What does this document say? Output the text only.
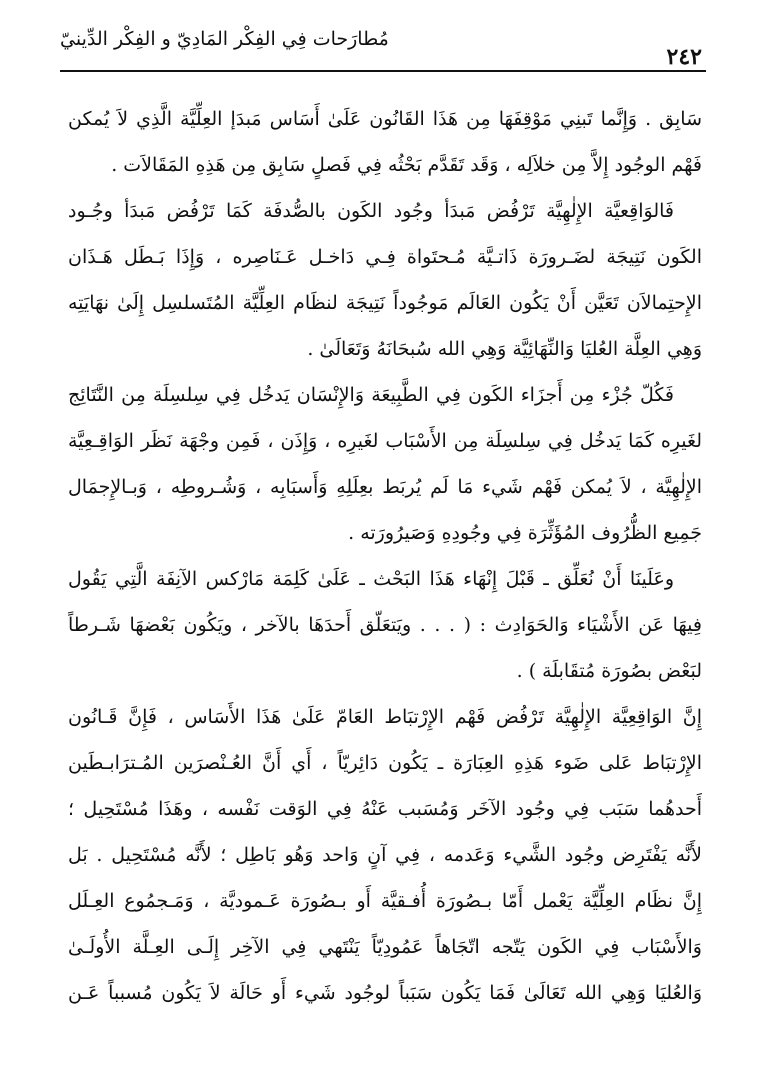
مُطارَحات فِي الفِكْر المَادِيّ و الفِكْر الدِّينيّ
٢٤٢
سَابِق . وَإِنَّما تَبنِي مَوْقِفَهَا مِن هَذَا القَانُون عَلَىٰ أَسَاس مَبدَإ العِلِّيَّة الَّذِي لاَ يُمكن
فَهْم الوجُود إِلاَّ مِن خلاَلِه ، وَقَد تَقَدَّم بَحْثُه فِي فَصلٍ سَابِق مِن هَذِهِ المَقَالاَت .
فَالوَاقِعيَّة الإِلٰهِيَّة تَرْفُض مَبدَأ وجُود الكَون بالصُّدفَة كَمَا تَرْفُض مَبدَأ وجُـود
الكَون نَتِيجَة لضَـرورَة ذَاتـيَّة مُـحتَواة فِـي دَاخـل عَـنَاصِره ، وَإِذَا بَـطَل هَـذَان
الإِحتِمالاَن تَعَيَّن أَنْ يَكُون العَالَم مَوجُوداً نَتِيجَة لنظَام العِلِّيَّة المُتَسلسِل إِلَىٰ نهَايَتِه
وَهِي العِلَّة العُليَا وَالنِّهَائِيَّة وَهِي الله سُبحَانَهُ وَتَعَالَىٰ .
فَكُلّ جُزْء مِن أَجزَاء الكَون فِي الطَّبِيعَة وَالإِنْسَان يَدخُل فِي سِلسِلَة مِن النَّتَائِج
لغَيرِه كَمَا يَدخُل فِي سِلسِلَة مِن الأَسْبَاب لغَيرِه ، وَإِذَن ، فَمِن وجْهَة نَظَر الوَاقِـعِيَّة
الإِلٰهِيَّة ، لاَ يُمكن فَهْم شَيء مَا لَم يُربَط بعِلَلِهِ وَأَسبَابِه ، وَشُـروطِه ، وَبـالإِجمَال
جَمِيع الظُّرُوف المُؤَثِّرَة فِي وجُودِهِ وَصَيرُورَته .
وعَلَينَا أَنْ نُعَلِّق ـ قَبْلَ إِنْهَاء هَذَا البَحْث ـ عَلَىٰ كَلِمَة مَارْكس الآنِفَة الَّتِي يَقُول
فِيهَا عَن الأَشْيَاء وَالحَوَادِث : ( . . . ويَتعَلّق أَحدَهَا بالآخر ، ويَكُون بَعْضهَا شَـرطاً
لبَعْض بصُورَة مُتقَابلَة ) .
إِنَّ الوَاقِعِيَّة الإِلٰهِيَّة تَرْفُض فَهْم الإِرْتبَاط العَامّ عَلَىٰ هَذَا الأَسَاس ، فَإِنَّ قَـانُون
الإِرْتبَاط عَلى ضَوء هَذِهِ العِبَارَة ـ يَكُون دَائِريّاً ، أَي أَنَّ العُـنْصرَين المُـترَابـطَين
أَحدهُما سَبَب فِي وجُود الآخَر وَمُسَبب عَنْهُ فِي الوَقت نَفْسه ، وهَذَا مُسْتَحِيل ؛
لأَنَّه يَفْتَرِض وجُود الشَّيء وَعَدمه ، فِي آنٍ وَاحد وَهُو بَاطِل ؛ لأَنَّه مُسْتَحِيل . بَل
إِنَّ نظَام العِلِّيَّة يَعْمل أَمّا بـصُورَة أُفـقيَّة أَو بـصُورَة عَـموديَّة ، وَمَـجمُوع العِـلَل
وَالأَسْبَاب فِي الكَون يَتّجه اتّجَاهاً عَمُودِيّاً يَنْتَهي فِي الآخِر إِلَـى العِـلَّة الأُولَـىٰ
وَالعُليَا وَهِي الله تَعَالَىٰ فَمَا يَكُون سَبَباً لوجُود شَيء أَو حَالَة لاَ يَكُون مُسبباً عَـن
